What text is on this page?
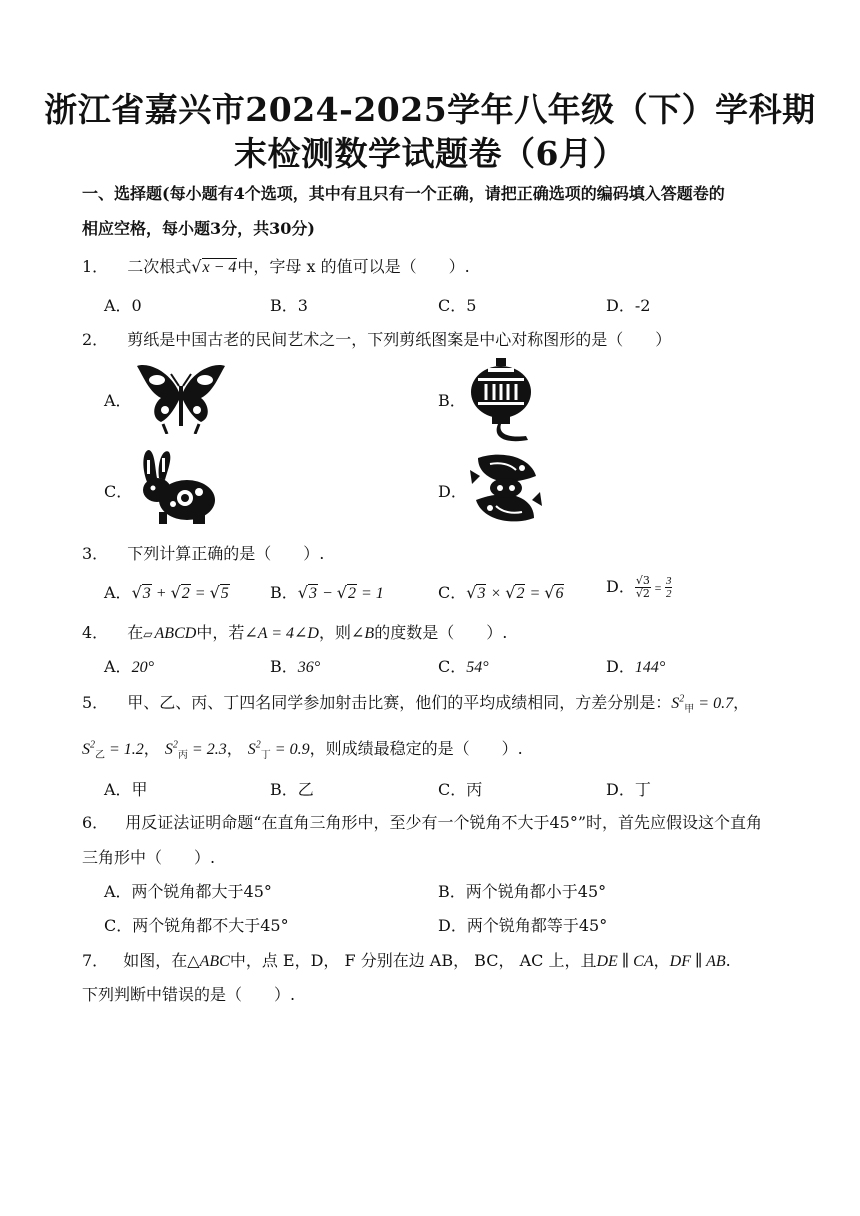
浙江省嘉兴市2024-2025学年八年级（下）学科期
末检测数学试题卷（6月）
一、选择题(每小题有4个选项，其中有且只有一个正确，请把正确选项的编码填入答题卷的
相应空格，每小题3分，共30分)
1． 二次根式√x − 4中，字母 x 的值可以是（　　）.
A．0	B．3	C．5	D．-2
2． 剪纸是中国古老的民间艺术之一，下列剪纸图案是中心对称图形的是（　　）
A．	B．
C．	D．
3． 下列计算正确的是（　　）.
A．√3 + √2 = √5	B．√3 − √2 = 1	C．√3 × √2 = √6	D． $\frac{√3}{√2} = \frac{3}{2}$
4． 在▱ ABCD中，若∠A = 4∠D，则∠B的度数是（　　）.
A．20°	B．36°	C．54°	D．144°
5． 甲、乙、丙、丁四名同学参加射击比赛，他们的平均成绩相同，方差分别是：$S^2_甲 = 0.7$，
$S^2_乙 = 1.2$， $S^2_丙 = 2.3$， $S^2_丁 = 0.9$，则成绩最稳定的是（　　）.
A．甲	B．乙	C．丙	D．丁
6． 用反证法证明命题“在直角三角形中，至少有一个锐角不大于45°”时，首先应假设这个直角
三角形中（　　）.
A．两个锐角都大于45°	B．两个锐角都小于45°
C．两个锐角都不大于45°	D．两个锐角都等于45°
7． 如图，在△ABC中，点 E，D， F 分别在边 AB， BC， AC 上，且DE ∥ CA，DF ∥ AB.
下列判断中错误的是（　　）.
